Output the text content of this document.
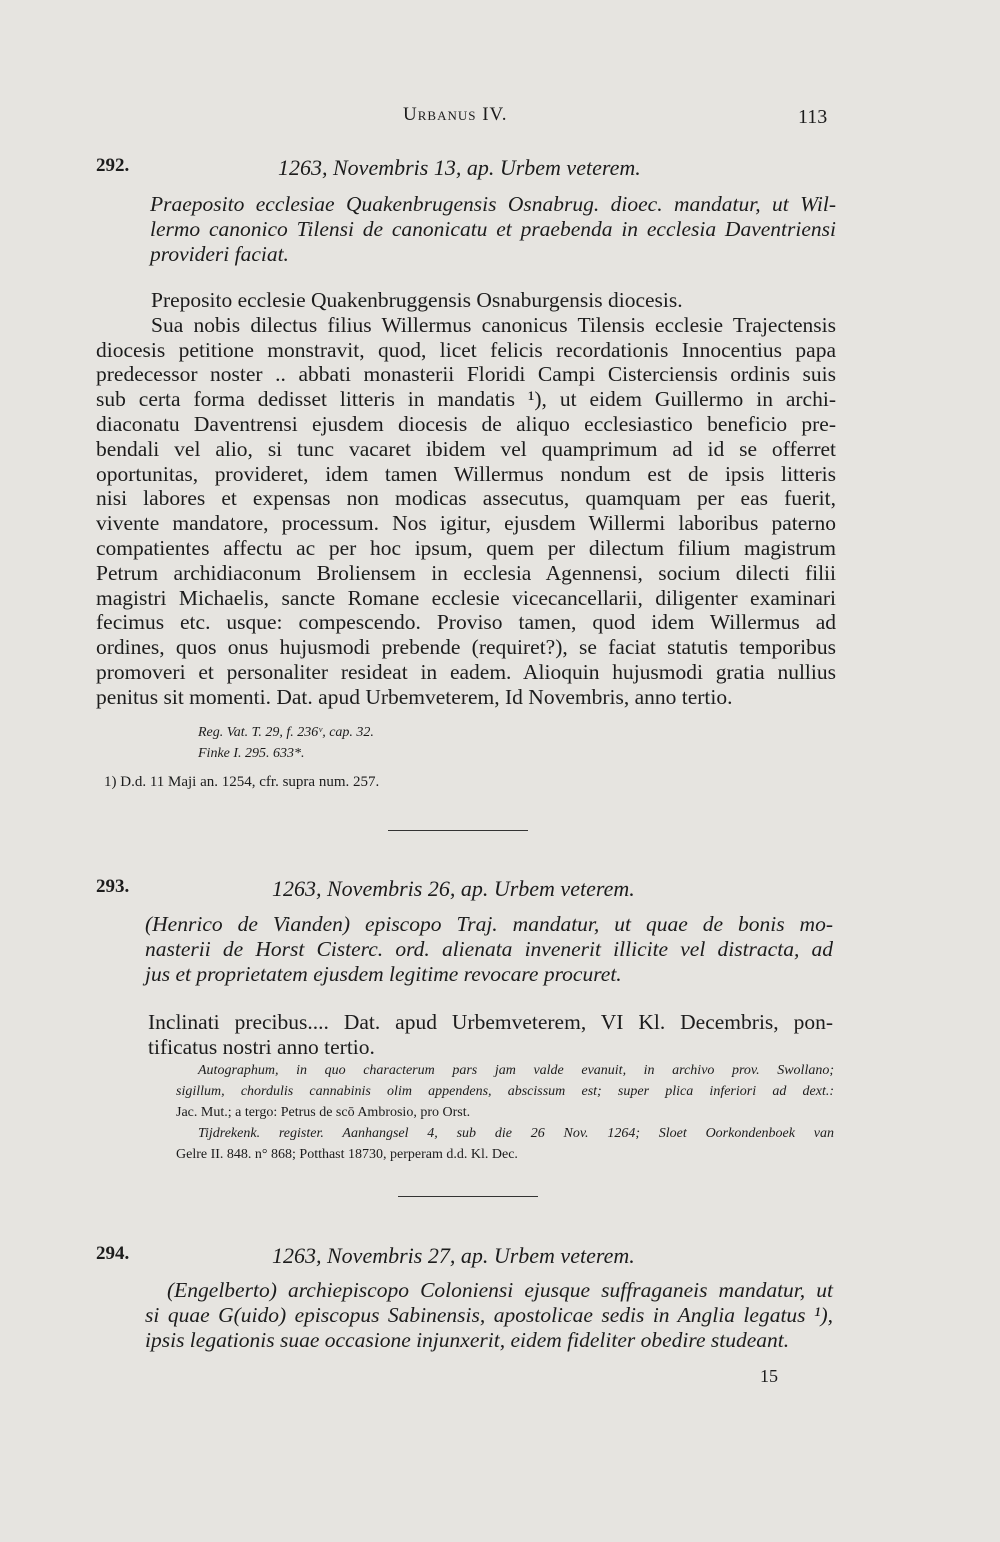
Urbanus IV.	113
292.	1263, Novembris 13, ap. Urbem veterem.
Praeposito ecclesiae Quakenbrugensis Osnabrug. dioec. mandatur, ut Wil-
lermo canonico Tilensi de canonicatu et praebenda in ecclesia Daventriensi
provideri faciat.
Preposito ecclesie Quakenbruggensis Osnaburgensis diocesis.
Sua nobis dilectus filius Willermus canonicus Tilensis ecclesie Trajectensis
diocesis petitione monstravit, quod, licet felicis recordationis Innocentius papa
predecessor noster .. abbati monasterii Floridi Campi Cisterciensis ordinis suis
sub certa forma dedisset litteris in mandatis ¹), ut eidem Guillermo in archi-
diaconatu Daventrensi ejusdem diocesis de aliquo ecclesiastico beneficio pre-
bendali vel alio, si tunc vacaret ibidem vel quamprimum ad id se offerret
oportunitas, provideret, idem tamen Willermus nondum est de ipsis litteris
nisi labores et expensas non modicas assecutus, quamquam per eas fuerit,
vivente mandatore, processum. Nos igitur, ejusdem Willermi laboribus paterno
compatientes affectu ac per hoc ipsum, quem per dilectum filium magistrum
Petrum archidiaconum Broliensem in ecclesia Agennensi, socium dilecti filii
magistri Michaelis, sancte Romane ecclesie vicecancellarii, diligenter examinari
fecimus etc. usque: compescendo. Proviso tamen, quod idem Willermus ad
ordines, quos onus hujusmodi prebende (requiret?), se faciat statutis temporibus
promoveri et personaliter resideat in eadem. Alioquin hujusmodi gratia nullius
penitus sit momenti. Dat. apud Urbemveterem, Id Novembris, anno tertio.
Reg. Vat. T. 29, f. 236ᵛ, cap. 32.
Finke I. 295. 633*.
1) D.d. 11 Maji an. 1254, cfr. supra num. 257.
293.	1263, Novembris 26, ap. Urbem veterem.
(Henrico de Vianden) episcopo Traj. mandatur, ut quae de bonis mo-
nasterii de Horst Cisterc. ord. alienata invenerit illicite vel distracta, ad
jus et proprietatem ejusdem legitime revocare procuret.
Inclinati precibus.... Dat. apud Urbemveterem, VI Kl. Decembris, pon-
tificatus nostri anno tertio.
Autographum, in quo characterum pars jam valde evanuit, in archivo prov. Swollano;
sigillum, chordulis cannabinis olim appendens, abscissum est; super plica inferiori ad dext.:
Jac. Mut.; a tergo: Petrus de scō Ambrosio, pro Orst.
Tijdrekenk. register. Aanhangsel 4, sub die 26 Nov. 1264; Sloet Oorkondenboek van
Gelre II. 848. n° 868; Potthast 18730, perperam d.d. Kl. Dec.
294.	1263, Novembris 27, ap. Urbem veterem.
(Engelberto) archiepiscopo Coloniensi ejusque suffraganeis mandatur, ut
si quae G(uido) episcopus Sabinensis, apostolicae sedis in Anglia legatus ¹),
ipsis legationis suae occasione injunxerit, eidem fideliter obedire studeant.
15
